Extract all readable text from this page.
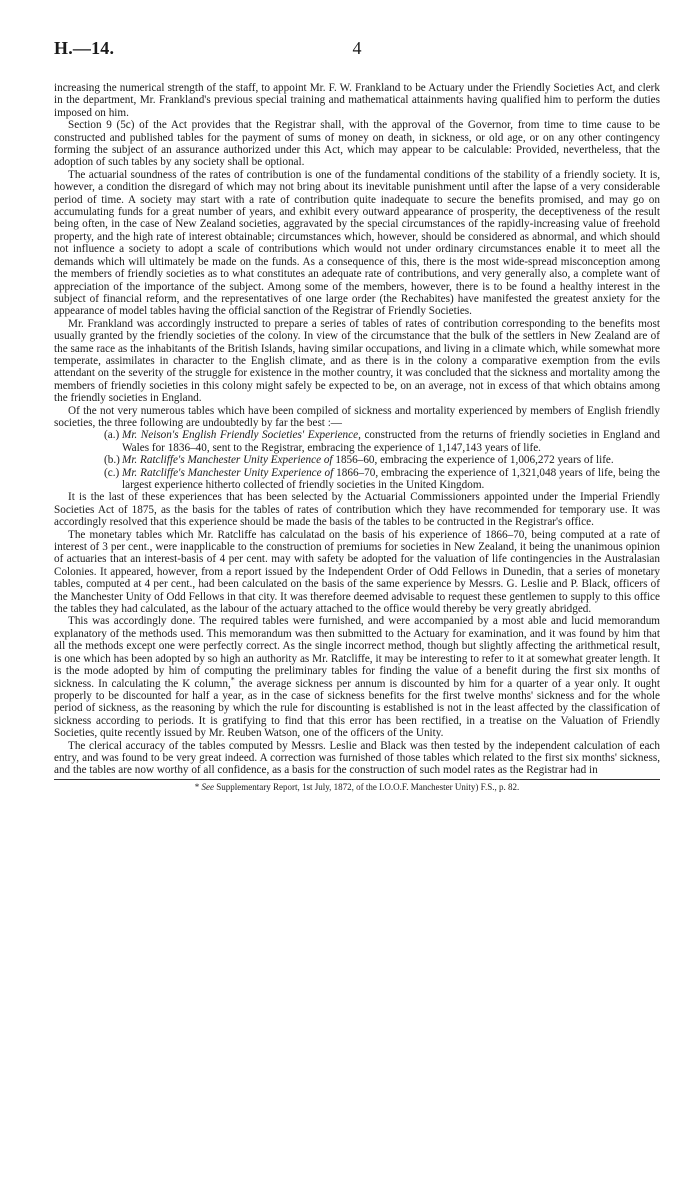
H.—14.	4

increasing the numerical strength of the staff, to appoint Mr. F. W. Frankland to be Actuary under the Friendly Societies Act, and clerk in the department, Mr. Frankland's previous special training and mathematical attainments having qualified him to perform the duties imposed on him.

Section 9 (5c) of the Act provides that the Registrar shall, with the approval of the Governor, from time to time cause to be constructed and published tables for the payment of sums of money on death, in sickness, or old age, or on any other contingency forming the subject of an assurance authorized under this Act, which may appear to be calculable: Provided, nevertheless, that the adoption of such tables by any society shall be optional.

The actuarial soundness of the rates of contribution is one of the fundamental conditions of the stability of a friendly society. It is, however, a condition the disregard of which may not bring about its inevitable punishment until after the lapse of a very considerable period of time. A society may start with a rate of contribution quite inadequate to secure the benefits promised, and may go on accumulating funds for a great number of years, and exhibit every outward appearance of prosperity, the deceptiveness of the result being often, in the case of New Zealand societies, aggravated by the special circumstances of the rapidly-increasing value of freehold property, and the high rate of interest obtainable; circumstances which, however, should be considered as abnormal, and which should not influence a society to adopt a scale of contributions which would not under ordinary circumstances enable it to meet all the demands which will ultimately be made on the funds. As a consequence of this, there is the most wide-spread misconception among the members of friendly societies as to what constitutes an adequate rate of contributions, and very generally also, a complete want of appreciation of the importance of the subject. Among some of the members, however, there is to be found a healthy interest in the subject of financial reform, and the representatives of one large order (the Rechabites) have manifested the greatest anxiety for the appearance of model tables having the official sanction of the Registrar of Friendly Societies.

Mr. Frankland was accordingly instructed to prepare a series of tables of rates of contribution corresponding to the benefits most usually granted by the friendly societies of the colony. In view of the circumstance that the bulk of the settlers in New Zealand are of the same race as the inhabitants of the British Islands, having similar occupations, and living in a climate which, while somewhat more temperate, assimilates in character to the English climate, and as there is in the colony a comparative exemption from the evils attendant on the severity of the struggle for existence in the mother country, it was concluded that the sickness and mortality among the members of friendly societies in this colony might safely be expected to be, on an average, not in excess of that which obtains among the friendly societies in England.

Of the not very numerous tables which have been compiled of sickness and mortality experienced by members of English friendly societies, the three following are undoubtedly by far the best :—

(a.) Mr. Neison's English Friendly Societies' Experience, constructed from the returns of friendly societies in England and Wales for 1836–40, sent to the Registrar, embracing the experience of 1,147,143 years of life.
(b.) Mr. Ratcliffe's Manchester Unity Experience of 1856–60, embracing the experience of 1,006,272 years of life.
(c.) Mr. Ratcliffe's Manchester Unity Experience of 1866–70, embracing the experience of 1,321,048 years of life, being the largest experience hitherto collected of friendly societies in the United Kingdom.

It is the last of these experiences that has been selected by the Actuarial Commissioners appointed under the Imperial Friendly Societies Act of 1875, as the basis for the tables of rates of contribution which they have recommended for temporary use. It was accordingly resolved that this experience should be made the basis of the tables to be contructed in the Registrar's office.

The monetary tables which Mr. Ratcliffe has calculatad on the basis of his experience of 1866–70, being computed at a rate of interest of 3 per cent., were inapplicable to the construction of premiums for societies in New Zealand, it being the unanimous opinion of actuaries that an interest-basis of 4 per cent. may with safety be adopted for the valuation of life contingencies in the Australasian Colonies. It appeared, however, from a report issued by the Independent Order of Odd Fellows in Dunedin, that a series of monetary tables, computed at 4 per cent., had been calculated on the basis of the same experience by Messrs. G. Leslie and P. Black, officers of the Manchester Unity of Odd Fellows in that city. It was therefore deemed advisable to request these gentlemen to supply to this office the tables they had calculated, as the labour of the actuary attached to the office would thereby be very greatly abridged.

This was accordingly done. The required tables were furnished, and were accompanied by a most able and lucid memorandum explanatory of the methods used. This memorandum was then submitted to the Actuary for examination, and it was found by him that all the methods except one were perfectly correct. As the single incorrect method, though but slightly affecting the arithmetical result, is one which has been adopted by so high an authority as Mr. Ratcliffe, it may be interesting to refer to it at somewhat greater length. It is the mode adopted by him of computing the preliminary tables for finding the value of a benefit during the first six months of sickness. In calculating the K column,* the average sickness per annum is discounted by him for a quarter of a year only. It ought properly to be discounted for half a year, as in the case of sickness benefits for the first twelve months' sickness and for the whole period of sickness, as the reasoning by which the rule for discounting is established is not in the least affected by the classification of sickness according to periods. It is gratifying to find that this error has been rectified, in a treatise on the Valuation of Friendly Societies, quite recently issued by Mr. Reuben Watson, one of the officers of the Unity.

The clerical accuracy of the tables computed by Messrs. Leslie and Black was then tested by the independent calculation of each entry, and was found to be very great indeed. A correction was furnished of those tables which related to the first six months' sickness, and the tables are now worthy of all confidence, as a basis for the construction of such model rates as the Registrar had in

* See Supplementary Report, 1st July, 1872, of the I.O.O.F. Manchester Unity) F.S., p. 82.
